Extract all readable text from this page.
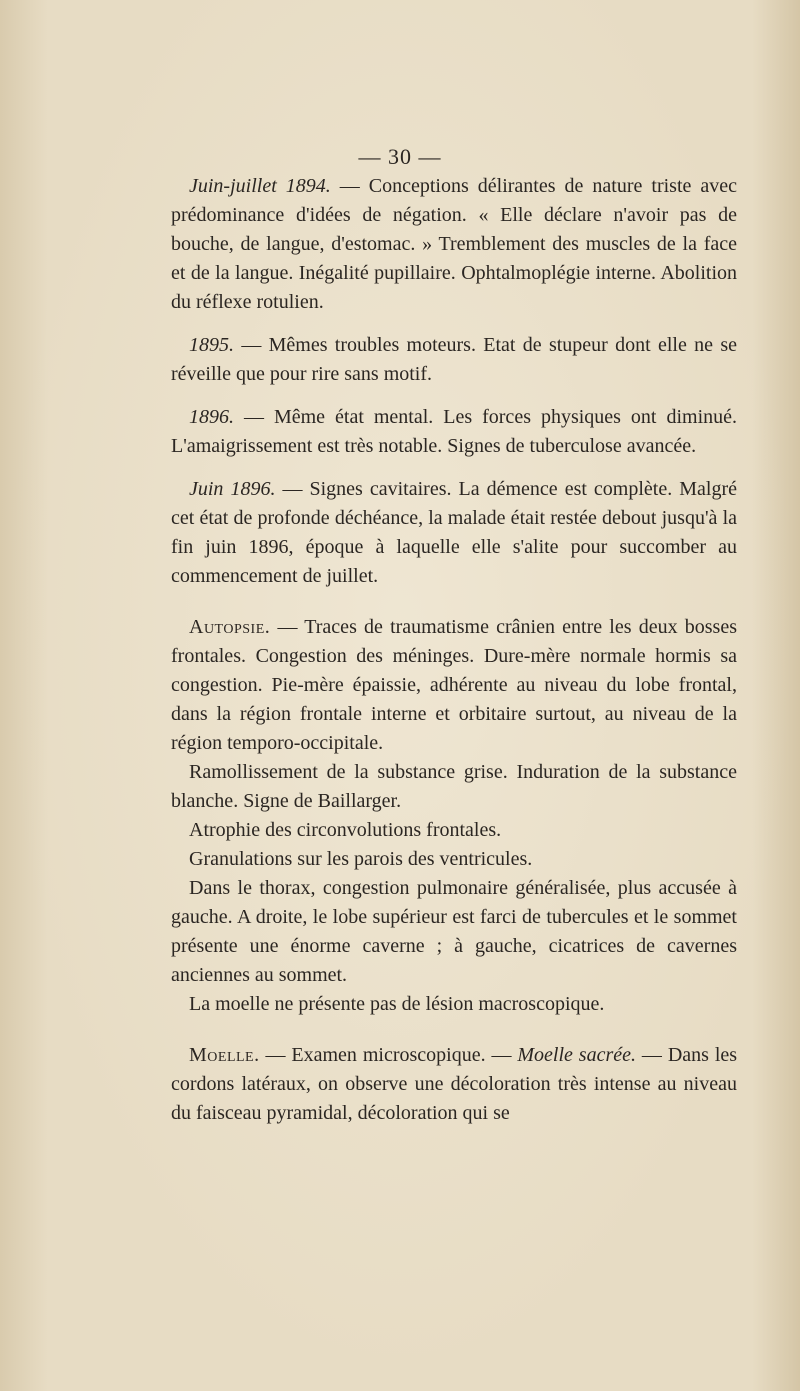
— 30 —

Juin-juillet 1894. — Conceptions délirantes de nature triste avec prédominance d'idées de négation. « Elle déclare n'avoir pas de bouche, de langue, d'estomac. » Tremblement des muscles de la face et de la langue. Inégalité pupillaire. Ophtalmoplégie interne. Abolition du réflexe rotulien.

1895. — Mêmes troubles moteurs. Etat de stupeur dont elle ne se réveille que pour rire sans motif.

1896. — Même état mental. Les forces physiques ont diminué. L'amaigrissement est très notable. Signes de tuberculose avancée.

Juin 1896. — Signes cavitaires. La démence est complète. Malgré cet état de profonde déchéance, la malade était restée debout jusqu'à la fin juin 1896, époque à laquelle elle s'alite pour succomber au commencement de juillet.

Autopsie. — Traces de traumatisme crânien entre les deux bosses frontales. Congestion des méninges. Dure-mère normale hormis sa congestion. Pie-mère épaissie, adhérente au niveau du lobe frontal, dans la région frontale interne et orbitaire surtout, au niveau de la région temporo-occipitale.

Ramollissement de la substance grise. Induration de la substance blanche. Signe de Baillarger.

Atrophie des circonvolutions frontales.

Granulations sur les parois des ventricules.

Dans le thorax, congestion pulmonaire généralisée, plus accusée à gauche. A droite, le lobe supérieur est farci de tubercules et le sommet présente une énorme caverne ; à gauche, cicatrices de cavernes anciennes au sommet.

La moelle ne présente pas de lésion macroscopique.

Moelle. — Examen microscopique. — Moelle sacrée. — Dans les cordons latéraux, on observe une décoloration très intense au niveau du faisceau pyramidal, décoloration qui se
